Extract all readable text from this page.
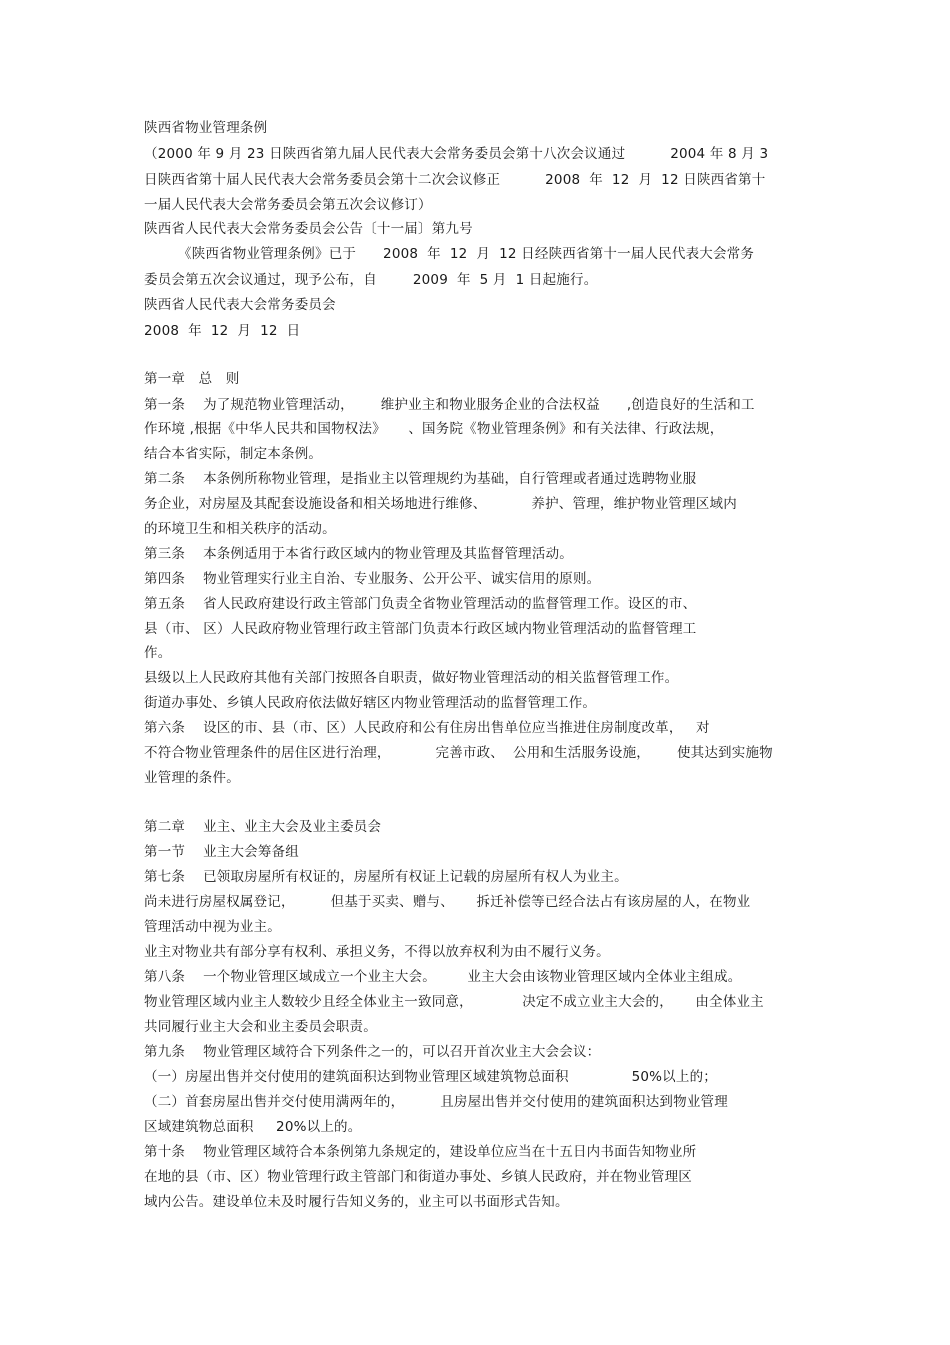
陕西省物业管理条例
（2000 年 9 月 23 日陕西省第九届人民代表大会常务委员会第十八次会议通过          2004 年 8 月 3
日陕西省第十届人民代表大会常务委员会第十二次会议修正          2008  年  12  月  12 日陕西省第十
一届人民代表大会常务委员会第五次会议修订）
陕西省人民代表大会常务委员会公告〔十一届〕第九号
《陕西省物业管理条例》已于      2008  年  12  月  12 日经陕西省第十一届人民代表大会常务
委员会第五次会议通过，现予公布，自        2009  年  5 月  1 日起施行。
陕西省人民代表大会常务委员会
2008  年  12  月  12  日
第一章   总   则
第一条    为了规范物业管理活动，      维护业主和物业服务企业的合法权益      ,创造良好的生活和工
作环境 ,根据《中华人民共和国物权法》     、国务院《物业管理条例》和有关法律、行政法规，
结合本省实际，制定本条例。
第二条    本条例所称物业管理，是指业主以管理规约为基础，自行管理或者通过选聘物业服
务企业，对房屋及其配套设施设备和相关场地进行维修、          养护、管理，维护物业管理区域内
的环境卫生和相关秩序的活动。
第三条    本条例适用于本省行政区域内的物业管理及其监督管理活动。
第四条    物业管理实行业主自治、专业服务、公开公平、诚实信用的原则。
第五条    省人民政府建设行政主管部门负责全省物业管理活动的监督管理工作。设区的市、
县（市、 区）人民政府物业管理行政主管部门负责本行政区域内物业管理活动的监督管理工
作。
县级以上人民政府其他有关部门按照各自职责，做好物业管理活动的相关监督管理工作。
街道办事处、乡镇人民政府依法做好辖区内物业管理活动的监督管理工作。
第六条    设区的市、县（市、区）人民政府和公有住房出售单位应当推进住房制度改革，   对
不符合物业管理条件的居住区进行治理，          完善市政、  公用和生活服务设施，      使其达到实施物
业管理的条件。
第二章    业主、业主大会及业主委员会
第一节    业主大会筹备组
第七条    已领取房屋所有权证的，房屋所有权证上记载的房屋所有权人为业主。
尚未进行房屋权属登记，        但基于买卖、赠与、     拆迁补偿等已经合法占有该房屋的人，在物业
管理活动中视为业主。
业主对物业共有部分享有权利、承担义务，不得以放弃权利为由不履行义务。
第八条    一个物业管理区域成立一个业主大会。       业主大会由该物业管理区域内全体业主组成。
物业管理区域内业主人数较少且经全体业主一致同意，           决定不成立业主大会的，     由全体业主
共同履行业主大会和业主委员会职责。
第九条    物业管理区域符合下列条件之一的，可以召开首次业主大会会议：
（一）房屋出售并交付使用的建筑面积达到物业管理区域建筑物总面积              50%以上的；
（二）首套房屋出售并交付使用满两年的，        且房屋出售并交付使用的建筑面积达到物业管理
区域建筑物总面积     20%以上的。
第十条    物业管理区域符合本条例第九条规定的，建设单位应当在十五日内书面告知物业所
在地的县（市、区）物业管理行政主管部门和街道办事处、乡镇人民政府，并在物业管理区
域内公告。建设单位未及时履行告知义务的，业主可以书面形式告知。
